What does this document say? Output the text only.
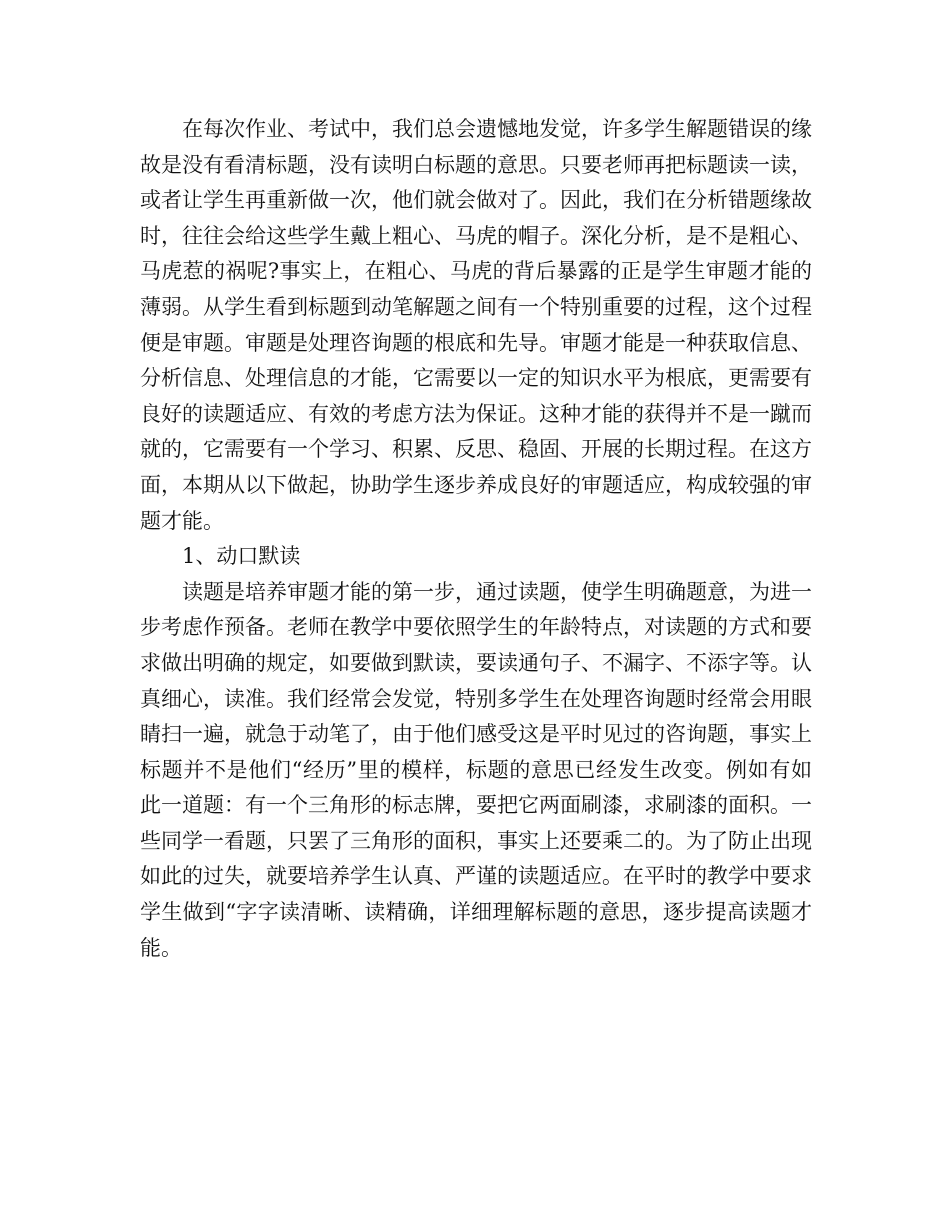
在每次作业、考试中，我们总会遗憾地发觉，许多学生解题错误的缘故是没有看清标题，没有读明白标题的意思。只要老师再把标题读一读，或者让学生再重新做一次，他们就会做对了。因此，我们在分析错题缘故时，往往会给这些学生戴上粗心、马虎的帽子。深化分析，是不是粗心、马虎惹的祸呢?事实上，在粗心、马虎的背后暴露的正是学生审题才能的薄弱。从学生看到标题到动笔解题之间有一个特别重要的过程，这个过程便是审题。审题是处理咨询题的根底和先导。审题才能是一种获取信息、分析信息、处理信息的才能，它需要以一定的知识水平为根底，更需要有良好的读题适应、有效的考虑方法为保证。这种才能的获得并不是一蹴而就的，它需要有一个学习、积累、反思、稳固、开展的长期过程。在这方面，本期从以下做起，协助学生逐步养成良好的审题适应，构成较强的审题才能。

1、动口默读

读题是培养审题才能的第一步，通过读题，使学生明确题意，为进一步考虑作预备。老师在教学中要依照学生的年龄特点，对读题的方式和要求做出明确的规定，如要做到默读，要读通句子、不漏字、不添字等。认真细心，读准。我们经常会发觉，特别多学生在处理咨询题时经常会用眼睛扫一遍，就急于动笔了，由于他们感受这是平时见过的咨询题，事实上标题并不是他们“经历”里的模样，标题的意思已经发生改变。例如有如此一道题：有一个三角形的标志牌，要把它两面刷漆，求刷漆的面积。一些同学一看题，只罢了三角形的面积，事实上还要乘二的。为了防止出现如此的过失，就要培养学生认真、严谨的读题适应。在平时的教学中要求学生做到“字字读清晰、读精确，详细理解标题的意思，逐步提高读题才能。
